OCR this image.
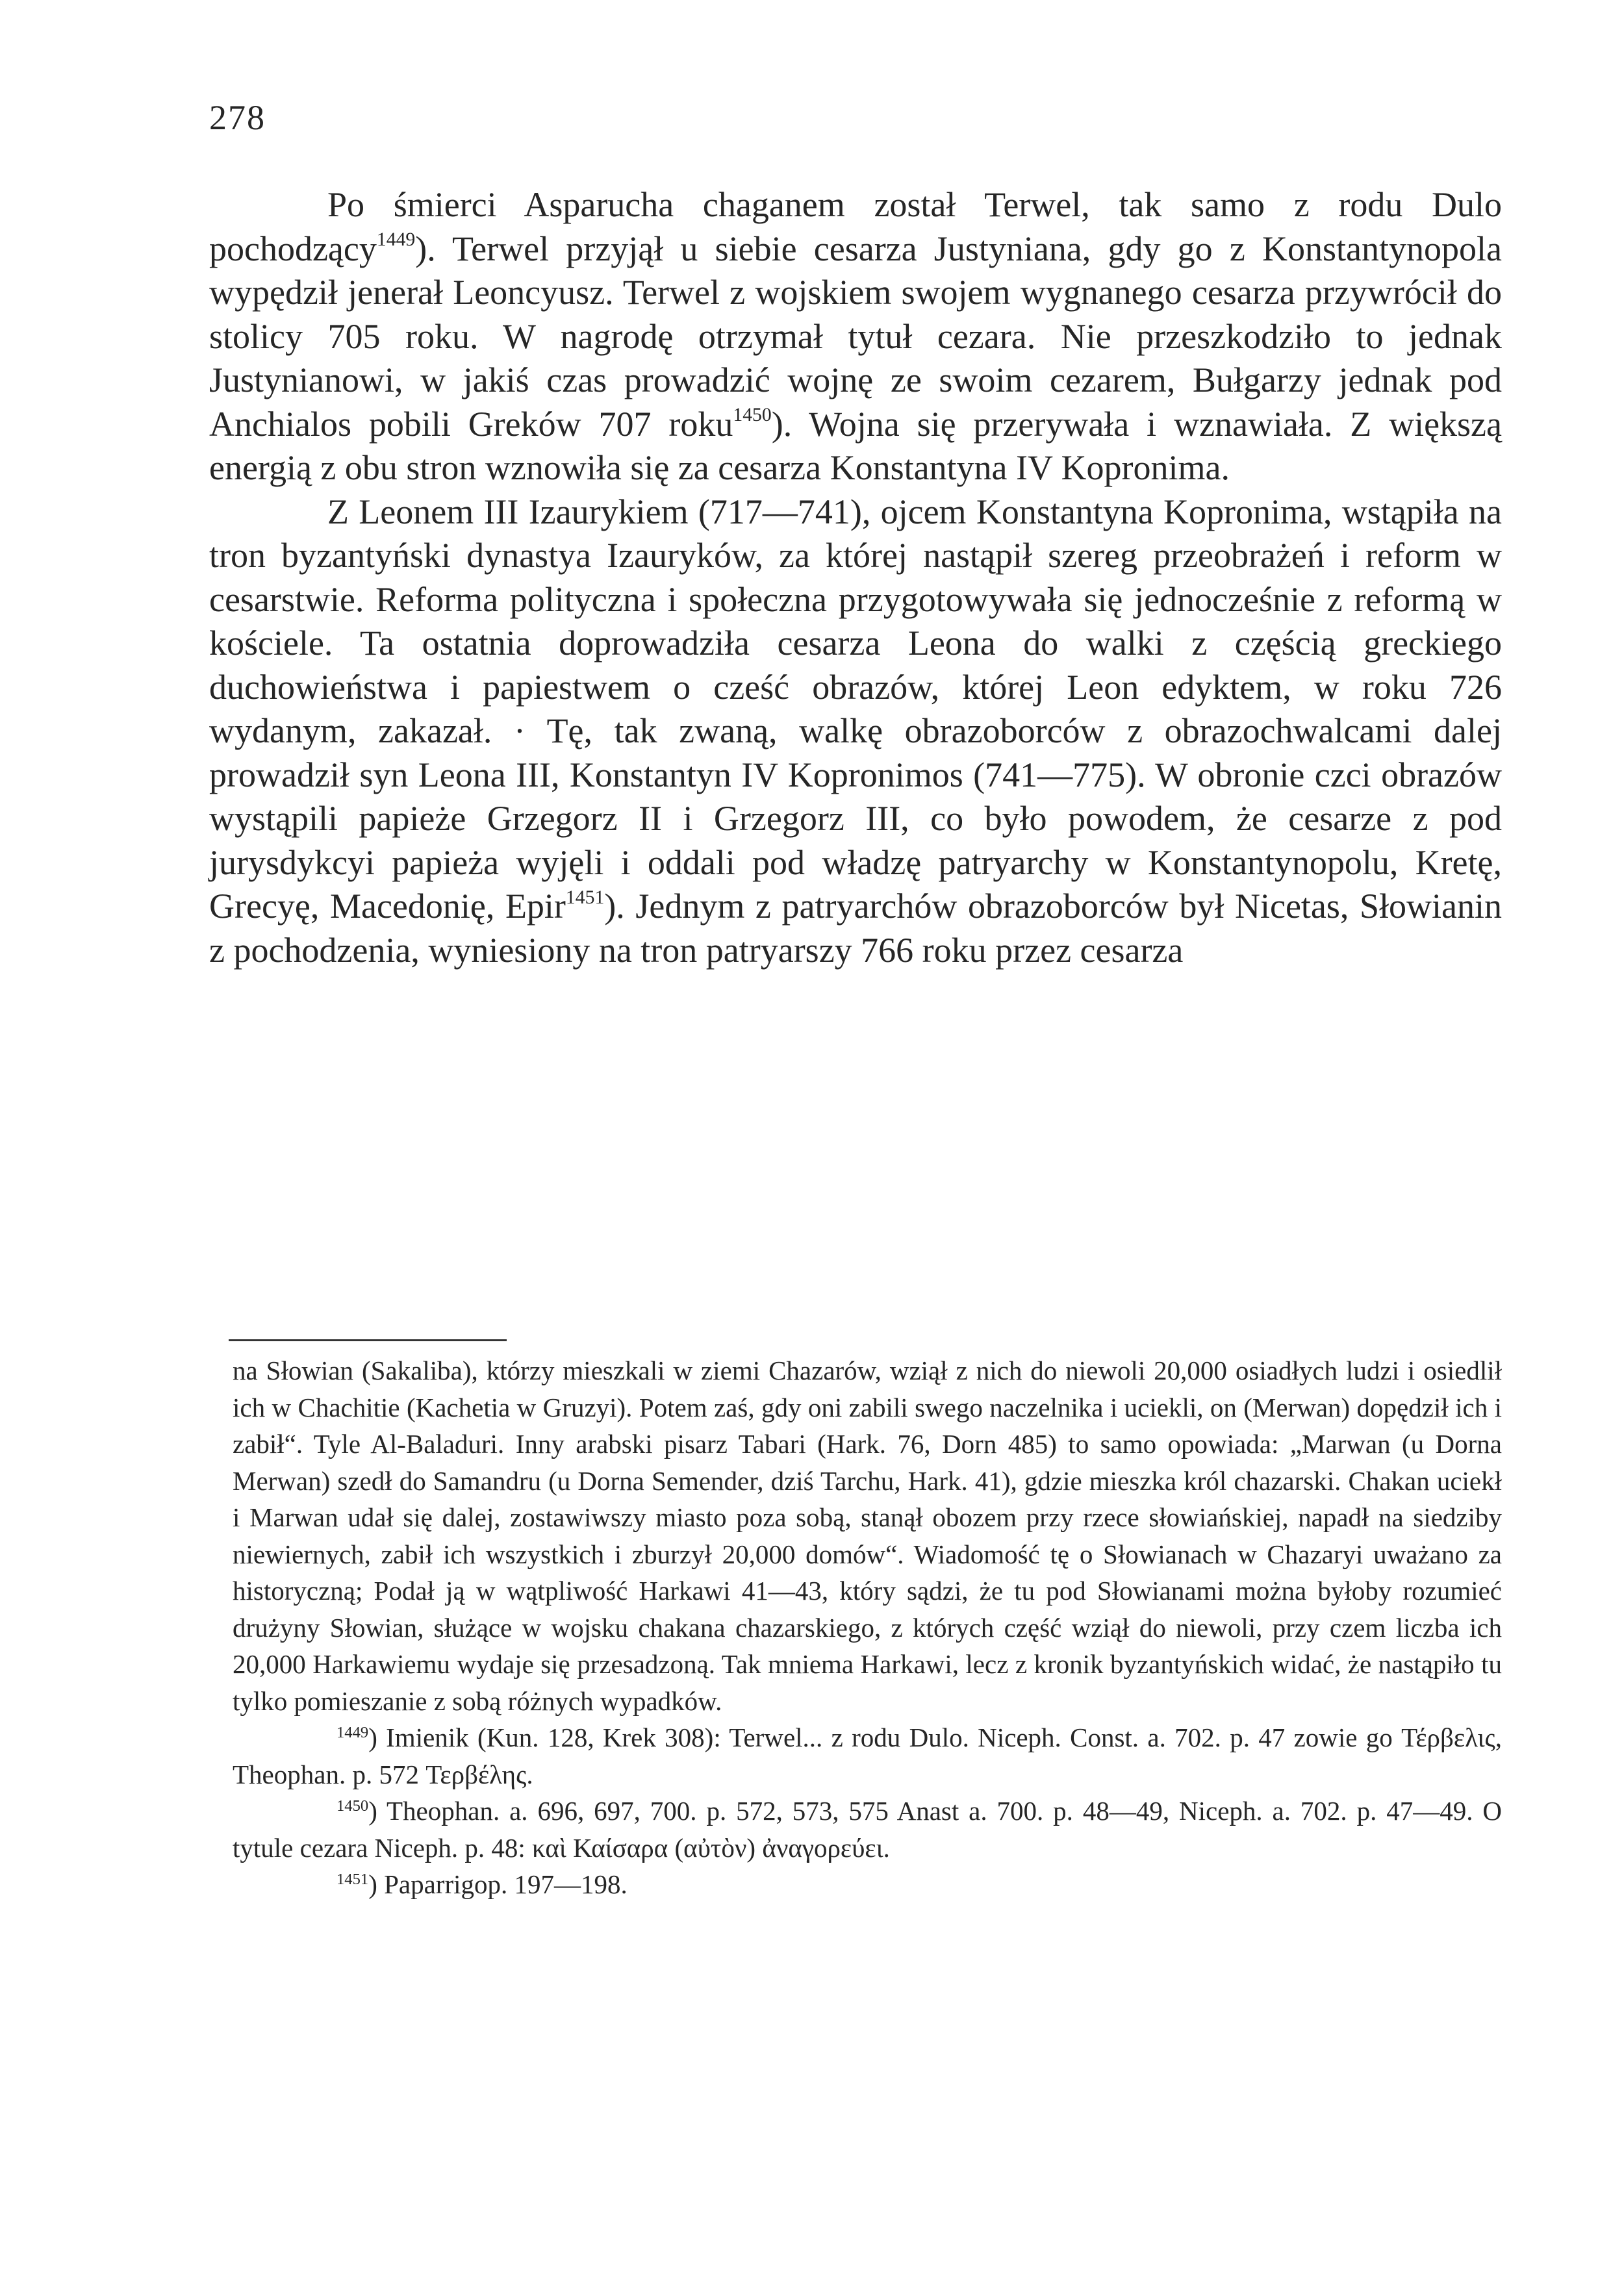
278

Po śmierci Asparucha chaganem został Terwel, tak samo z rodu Dulo pochodzący$^{1449}$). Terwel przyjął u siebie cesarza Justyniana, gdy go z Konstantynopola wypędził jenerał Leoncyusz. Terwel z wojskiem swojem wygnanego cesarza przywrócił do stolicy 705 roku. W nagrodę otrzymał tytuł cezara. Nie przeszkodziło to jednak Justynianowi, w jakiś czas prowadzić wojnę ze swoim cezarem, Bułgarzy jednak pod Anchialos pobili Greków 707 roku$^{1450}$). Wojna się przerywała i wznawiała. Z większą energią z obu stron wznowiła się za cesarza Konstantyna IV Kopronima.

Z Leonem III Izaurykiem (717—741), ojcem Konstantyna Kopronima, wstąpiła na tron byzantyński dynastya Izauryków, za której nastąpił szereg przeobrażeń i reform w cesarstwie. Reforma polityczna i społeczna przygotowywała się jednocześnie z reformą w kościele. Ta ostatnia doprowadziła cesarza Leona do walki z częścią greckiego duchowieństwa i papiestwem o cześć obrazów, której Leon edyktem, w roku 726 wydanym, zakazał. · Tę, tak zwaną, walkę obrazoborców z obrazochwalcami dalej prowadził syn Leona III, Konstantyn IV Kopronimos (741—775). W obronie czci obrazów wystąpili papieże Grzegorz II i Grzegorz III, co było powodem, że cesarze z pod jurysdykcyi papieża wyjęli i oddali pod władzę patryarchy w Konstantynopolu, Kretę, Grecyę, Macedonię, Epir$^{1451}$). Jednym z patryarchów obrazoborców był Nicetas, Słowianin z pochodzenia, wyniesiony na tron patryarszy 766 roku przez cesarza

na Słowian (Sakaliba), którzy mieszkali w ziemi Chazarów, wziął z nich do niewoli 20,000 osiadłych ludzi i osiedlił ich w Chachitie (Kachetia w Gruzyi). Potem zaś, gdy oni zabili swego naczelnika i uciekli, on (Merwan) dopędził ich i zabił“. Tyle Al-Baladuri. Inny arabski pisarz Tabari (Hark. 76, Dorn 485) to samo opowiada: „Marwan (u Dorna Merwan) szedł do Samandru (u Dorna Semender, dziś Tarchu, Hark. 41), gdzie mieszka król chazarski. Chakan uciekł i Marwan udał się dalej, zostawiwszy miasto poza sobą, stanął obozem przy rzece słowiańskiej, napadł na siedziby niewiernych, zabił ich wszystkich i zburzył 20,000 domów“. Wiadomość tę o Słowianach w Chazaryi uważano za historyczną; Podał ją w wątpliwość Harkawi 41—43, który sądzi, że tu pod Słowianami można byłoby rozumieć drużyny Słowian, służące w wojsku chakana chazarskiego, z których część wziął do niewoli, przy czem liczba ich 20,000 Harkawiemu wydaje się przesadzoną. Tak mniema Harkawi, lecz z kronik byzantyńskich widać, że nastąpiło tu tylko pomieszanie z sobą różnych wypadków.

$^{1449}$) Imienik (Kun. 128, Krek 308): Terwel... z rodu Dulo. Niceph. Const. a. 702. p. 47 zowie go Τέρβελις, Theophan. p. 572 Τερβέλης.

$^{1450}$) Theophan. a. 696, 697, 700. p. 572, 573, 575 Anast a. 700. p. 48—49, Niceph. a. 702. p. 47—49. O tytule cezara Niceph. p. 48: καὶ Καίσαρα (αὐτὸν) ἀναγορεύει.

$^{1451}$) Paparrigop. 197—198.
